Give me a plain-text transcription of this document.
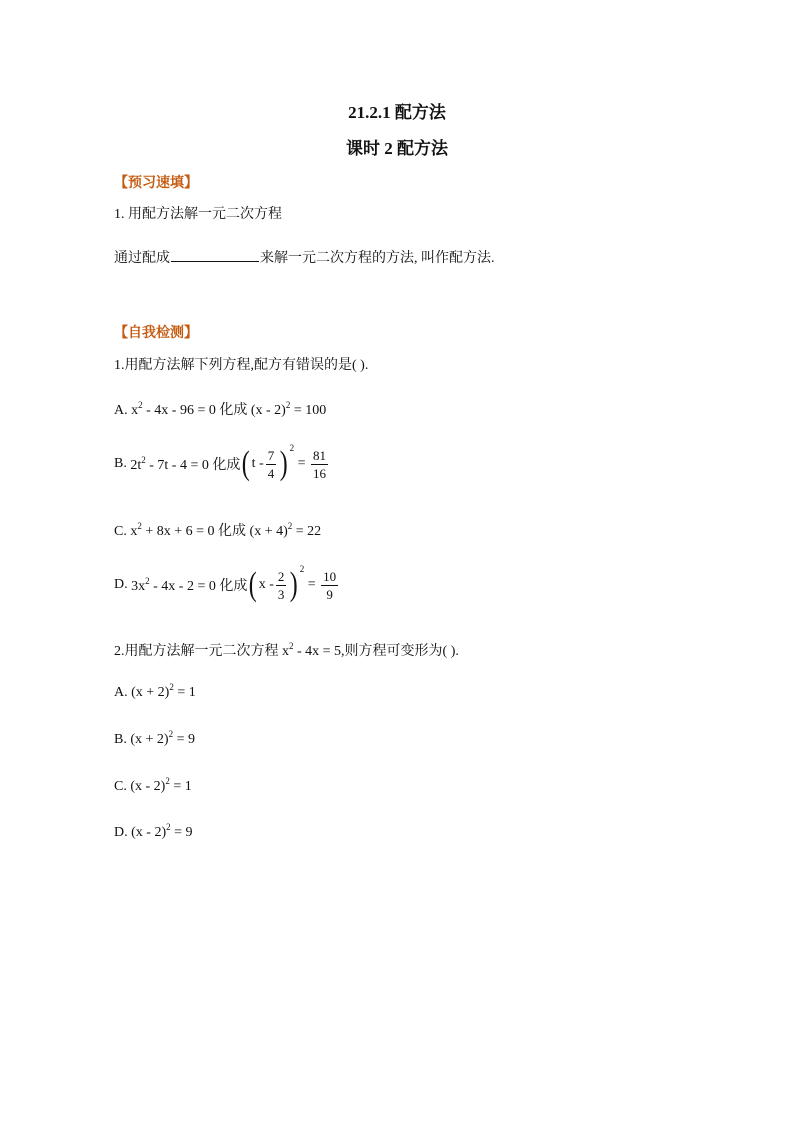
21.2.1 配方法
课时 2 配方法
【预习速填】
1. 用配方法解一元二次方程
通过配成	来解一元二次方程的方法, 叫作配方法.
【自我检测】
1.用配方法解下列方程,配方有错误的是( ).
A. $x^2 - 4x - 96 = 0$ 化成 (x - 2)$^2$ = 100
B. $2t^2 - 7t - 4 = 0$ 化成( t - $\frac{7}{4}$ ) $^2 = \frac{81}{16}$
C. $x^2 + 8x + 6 = 0$ 化成 $(x + 4)^2 = 22$
D. $3x^2 - 4x - 2 = 0$ 化成( x - $\frac{2}{3}$ ) $^2 = \frac{10}{9}$
2.用配方法解一元二次方程 $x^2 - 4x = 5$,则方程可变形为( ).
A. $(x + 2)^2 = 1$
B. $(x + 2)^2 = 9$
C. (x - 2)$^2$ = 1
D. (x - 2)$^2$ = 9
